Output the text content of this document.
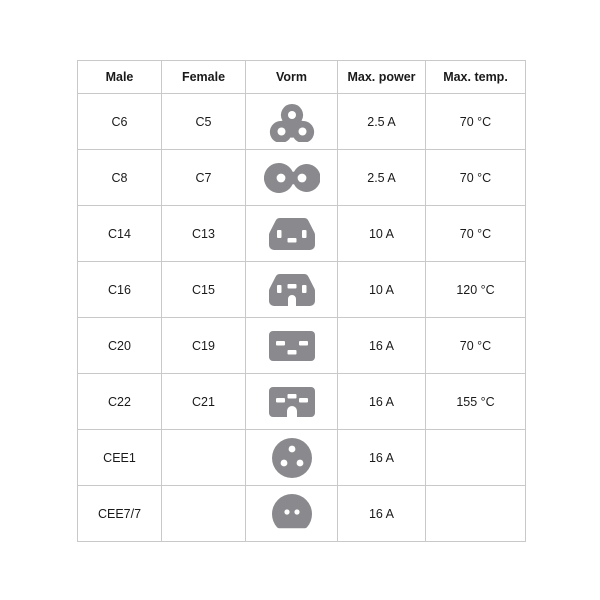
Male	Female	Vorm	Max. power	Max. temp.
C6	C5		2.5 A	70 °C
C8	C7		2.5 A	70 °C
C14	C13		10 A	70 °C
C16	C15		10 A	120 °C
C20	C19		16 A	70 °C
C22	C21		16 A	155 °C
CEE1			16 A	
CEE7/7			16 A	
